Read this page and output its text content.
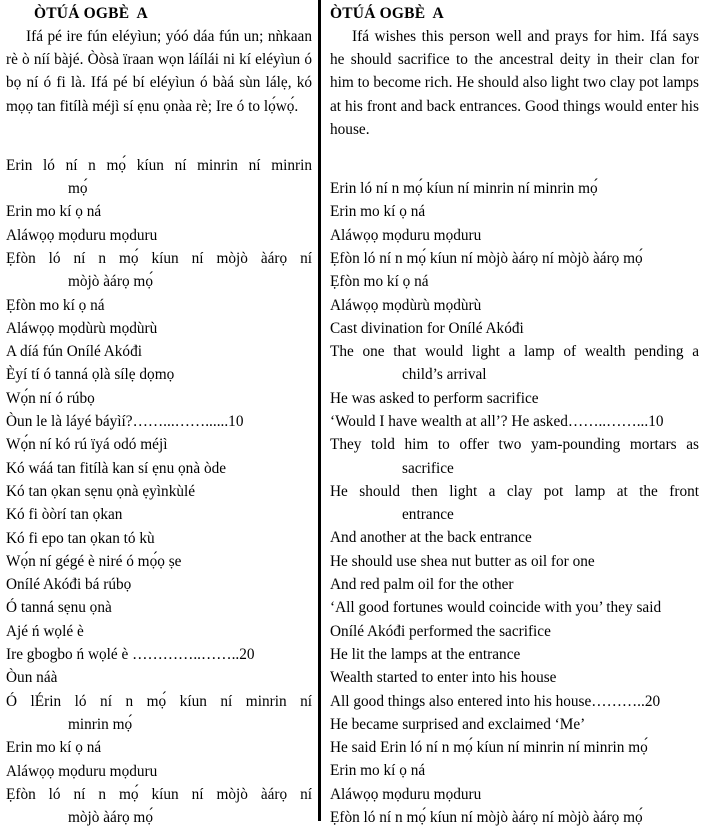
ÒTÚÁ OGBÈ  A

Ifá pé ire fún eléyìun; yóó dáa fún un; nǹkaan rè ò níí bàjé. Òòsà ïraan wọn láílái ni kí eléyìun ó bọ ní ó fi là. Ifá pé bí eléyìun ó bàá sùn lálẹ, kó mọọ tan fitílà méjì sí ẹnu ọnàa rè; Ire ó to lọ́wọ́.

Erin ló ní n mọ́ kíun ní minrin ní minrin
mọ́
Erin mo kí ọ ná
Aláwọọ mọduru mọduru
Ẹfòn ló ní n mọ́ kíun ní mòjò àárọ ní
mòjò àárọ mọ́
Ẹfòn mo kí ọ ná
Aláwọọ mọdùrù mọdùrù
A díá fún Onílé Akóđi
Èyí tí ó tanná ọlà sílẹ dọmọ
Wọ́n ní ó rúbọ
Òun le là láyé báyìí?……...……......10
Wọ́n ní kó rú ïyá odó méjì
Kó wáá tan fitílà kan sí ẹnu ọnà òde
Kó tan ọkan sẹnu ọnà ẹyìnkùlé
Kó fi òòrí tan ọkan
Kó fi epo tan ọkan tó kù
Wọ́n ní gégé è niré ó mọ́ọ ṣe
Onílé Akóđi bá rúbọ
Ó tanná sẹnu ọnà
Ajé ń wọlé è
Ire gbogbo ń wọlé è …………..……..20
Òun náà
Ó lÉrin ló ní n mọ́ kíun ní minrin ní
minrin mọ́
Erin mo kí ọ ná
Aláwọọ mọduru mọduru
Ẹfòn ló ní n mọ́ kíun ní mòjò àárọ ní
mòjò àárọ mọ́
ÒTÚÁ OGBÈ  A

Ifá wishes this person well and prays for him. Ifá says he should sacrifice to the ancestral deity in their clan for him to become rich. He should also light two clay pot lamps at his front and back entrances. Good things would enter his house.

Erin ló ní n mọ́ kíun ní minrin ní minrin mọ́
Erin mo kí ọ ná
Aláwọọ mọduru mọduru
Ẹfòn ló ní n mọ́ kíun ní mòjò àárọ ní mòjò àárọ mọ́
Ẹfòn mo kí ọ ná
Aláwọọ mọdùrù mọdùrù
Cast divination for Onílé Akóđi
The one that would light a lamp of wealth pending a
child’s arrival
He was asked to perform sacrifice
‘Would I have wealth at all’? He asked……..……...10
They told him to offer two yam-pounding mortars as
sacrifice
He should then light a clay pot lamp at the front
entrance
And another at the back entrance
He should use shea nut butter as oil for one
And red palm oil for the other
‘All good fortunes would coincide with you’ they said
Onílé Akóđi performed the sacrifice
He lit the lamps at the entrance
Wealth started to enter into his house
All good things also entered into his house………..20
He became surprised and exclaimed ‘Me’
He said Erin ló ní n mọ́ kíun ní minrin ní minrin mọ́
Erin mo kí ọ ná
Aláwọọ mọduru mọduru
Ẹfòn ló ní n mọ́ kíun ní mòjò àárọ ní mòjò àárọ mọ́
